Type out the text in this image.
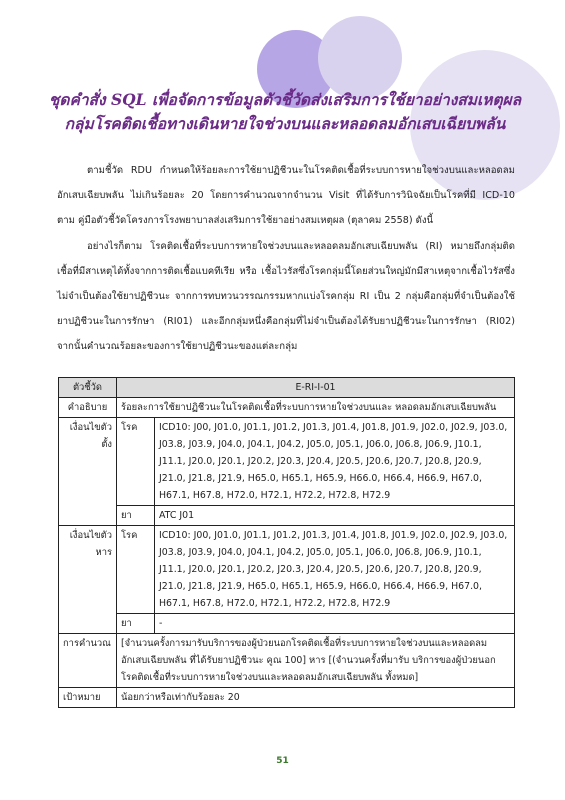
ชุดคำสั่ง SQL เพื่อจัดการข้อมูลตัวชี้วัดส่งเสริมการใช้ยาอย่างสมเหตุผล
กลุ่มโรคติดเชื้อทางเดินหายใจช่วงบนและหลอดลมอักเสบเฉียบพลัน

ตามชี้วัด RDU กำหนดให้ร้อยละการใช้ยาปฏิชีวนะในโรคติดเชื้อที่ระบบการหายใจช่วงบนและหลอดลมอักเสบเฉียบพลัน ไม่เกินร้อยละ 20 โดยการคำนวณจากจำนวน Visit ที่ได้รับการวินิจฉัยเป็นโรคที่มี ICD-10 ตาม คู่มือตัวชี้วัดโครงการโรงพยาบาลส่งเสริมการใช้ยาอย่างสมเหตุผล (ตุลาคม 2558) ดังนี้

อย่างไรก็ตาม โรคติดเชื้อที่ระบบการหายใจช่วงบนและหลอดลมอักเสบเฉียบพลัน (RI) หมายถึงกลุ่มติดเชื้อที่มีสาเหตุได้ทั้งจากการติดเชื้อแบคทีเรีย หรือ เชื้อไวรัสซึ่งโรคกลุ่มนี้โดยส่วนใหญ่มักมีสาเหตุจากเชื้อไวรัสซึ่งไม่จำเป็นต้องใช้ยาปฏิชีวนะ จากการทบทวนวรรณกรรมหากแบ่งโรคกลุ่ม RI เป็น 2 กลุ่มคือกลุ่มที่จำเป็นต้องใช้ยาปฏิชีวนะในการรักษา (RI01) และอีกกลุ่มหนึ่งคือกลุ่มที่ไม่จำเป็นต้องได้รับยาปฏิชีวนะในการรักษา (RI02) จากนั้นคำนวณร้อยละของการใช้ยาปฏิชีวนะของแต่ละกลุ่ม

ตัวชี้วัด	E-RI-I-01	
คำอธิบาย	ร้อยละการใช้ยาปฏิชีวนะในโรคติดเชื้อที่ระบบการหายใจช่วงบนและ หลอดลมอักเสบเฉียบพลัน	
เงื่อนไขตัวตั้ง	โรค	ICD10: J00, J01.0, J01.1, J01.2, J01.3, J01.4, J01.8, J01.9, J02.0, J02.9, J03.0, J03.8, J03.9, J04.0, J04.1, J04.2, J05.0, J05.1, J06.0, J06.8, J06.9, J10.1, J11.1, J20.0, J20.1, J20.2, J20.3, J20.4, J20.5, J20.6, J20.7, J20.8, J20.9, J21.0, J21.8, J21.9, H65.0, H65.1, H65.9, H66.0, H66.4, H66.9, H67.0, H67.1, H67.8, H72.0, H72.1, H72.2, H72.8, H72.9
	ยา	ATC J01
เงื่อนไขตัวหาร	โรค	ICD10: J00, J01.0, J01.1, J01.2, J01.3, J01.4, J01.8, J01.9, J02.0, J02.9, J03.0, J03.8, J03.9, J04.0, J04.1, J04.2, J05.0, J05.1, J06.0, J06.8, J06.9, J10.1, J11.1, J20.0, J20.1, J20.2, J20.3, J20.4, J20.5, J20.6, J20.7, J20.8, J20.9, J21.0, J21.8, J21.9, H65.0, H65.1, H65.9, H66.0, H66.4, H66.9, H67.0, H67.1, H67.8, H72.0, H72.1, H72.2, H72.8, H72.9
	ยา	-
การคำนวณ	[จำนวนครั้งการมารับบริการของผู้ป่วยนอกโรคติดเชื้อที่ระบบการหายใจช่วงบนและหลอดลมอักเสบเฉียบพลัน ที่ได้รับยาปฏิชีวนะ คูณ 100] หาร [(จำนวนครั้งที่มารับ บริการของผู้ป่วยนอกโรคติดเชื้อที่ระบบการหายใจช่วงบนและหลอดลมอักเสบเฉียบพลัน ทั้งหมด]	
เป้าหมาย	น้อยกว่าหรือเท่ากับร้อยละ 20	
51
